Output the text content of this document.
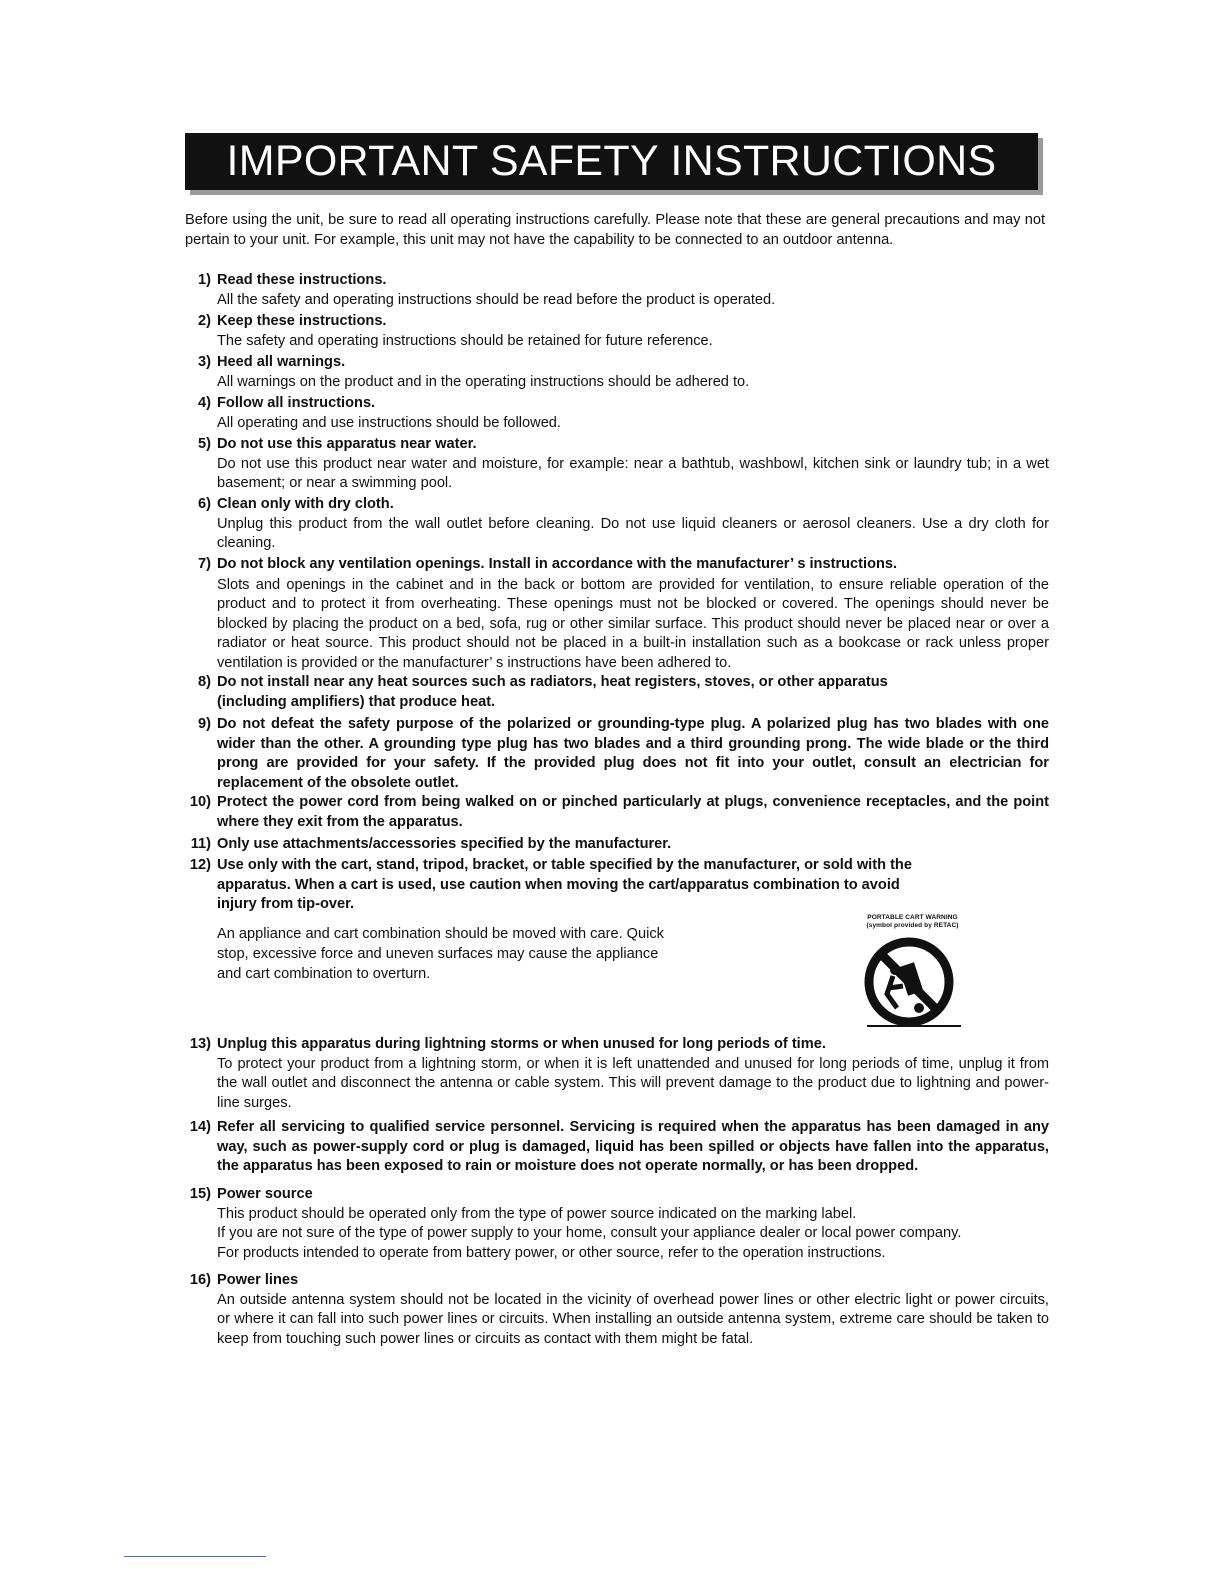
IMPORTANT SAFETY INSTRUCTIONS
Before using the unit, be sure to read all operating instructions carefully. Please note that these are general precautions and may not pertain to your unit. For example, this unit may not have the capability to be connected to an outdoor antenna.
1) Read these instructions.
All the safety and operating instructions should be read before the product is operated.
2) Keep these instructions.
The safety and operating instructions should be retained for future reference.
3) Heed all warnings.
All warnings on the product and in the operating instructions should be adhered to.
4) Follow all instructions.
All operating and use instructions should be followed.
5) Do not use this apparatus near water.
Do not use this product near water and moisture, for example: near a bathtub, washbowl, kitchen sink or laundry tub; in a wet basement; or near a swimming pool.
6) Clean only with dry cloth.
Unplug this product from the wall outlet before cleaning. Do not use liquid cleaners or aerosol cleaners. Use a dry cloth for cleaning.
7) Do not block any ventilation openings. Install in accordance with the manufacturer’ s instructions.
Slots and openings in the cabinet and in the back or bottom are provided for ventilation, to ensure reliable operation of the product and to protect it from overheating. These openings must not be blocked or covered. The openings should never be blocked by placing the product on a bed, sofa, rug or other similar surface. This product should never be placed near or over a radiator or heat source. This product should not be placed in a built-in installation such as a bookcase or rack unless proper ventilation is provided or the manufacturer’ s instructions have been adhered to.
8) Do not install near any heat sources such as radiators, heat registers, stoves, or other apparatus (including amplifiers) that produce heat.
9) Do not defeat the safety purpose of the polarized or grounding-type plug. A polarized plug has two blades with one wider than the other. A grounding type plug has two blades and a third grounding prong. The wide blade or the third prong are provided for your safety. If the provided plug does not fit into your outlet, consult an electrician for replacement of the obsolete outlet.
10) Protect the power cord from being walked on or pinched particularly at plugs, convenience receptacles, and the point where they exit from the apparatus.
11) Only use attachments/accessories specified by the manufacturer.
12) Use only with the cart, stand, tripod, bracket, or table specified by the manufacturer, or sold with the apparatus. When a cart is used, use caution when moving the cart/apparatus combination to avoid injury from tip-over.
An appliance and cart combination should be moved with care. Quick stop, excessive force and uneven surfaces may cause the appliance and cart combination to overturn.
PORTABLE CART WARNING
(symbol provided by RETAC)
13) Unplug this apparatus during lightning storms or when unused for long periods of time.
To protect your product from a lightning storm, or when it is left unattended and unused for long periods of time, unplug it from the wall outlet and disconnect the antenna or cable system. This will prevent damage to the product due to lightning and power-line surges.
14) Refer all servicing to qualified service personnel. Servicing is required when the apparatus has been damaged in any way, such as power-supply cord or plug is damaged, liquid has been spilled or objects have fallen into the apparatus, the apparatus has been exposed to rain or moisture does not operate normally, or has been dropped.
15) Power source
This product should be operated only from the type of power source indicated on the marking label.
If you are not sure of the type of power supply to your home, consult your appliance dealer or local power company.
For products intended to operate from battery power, or other source, refer to the operation instructions.
16) Power lines
An outside antenna system should not be located in the vicinity of overhead power lines or other electric light or power circuits, or where it can fall into such power lines or circuits. When installing an outside antenna system, extreme care should be taken to keep from touching such power lines or circuits as contact with them might be fatal.
